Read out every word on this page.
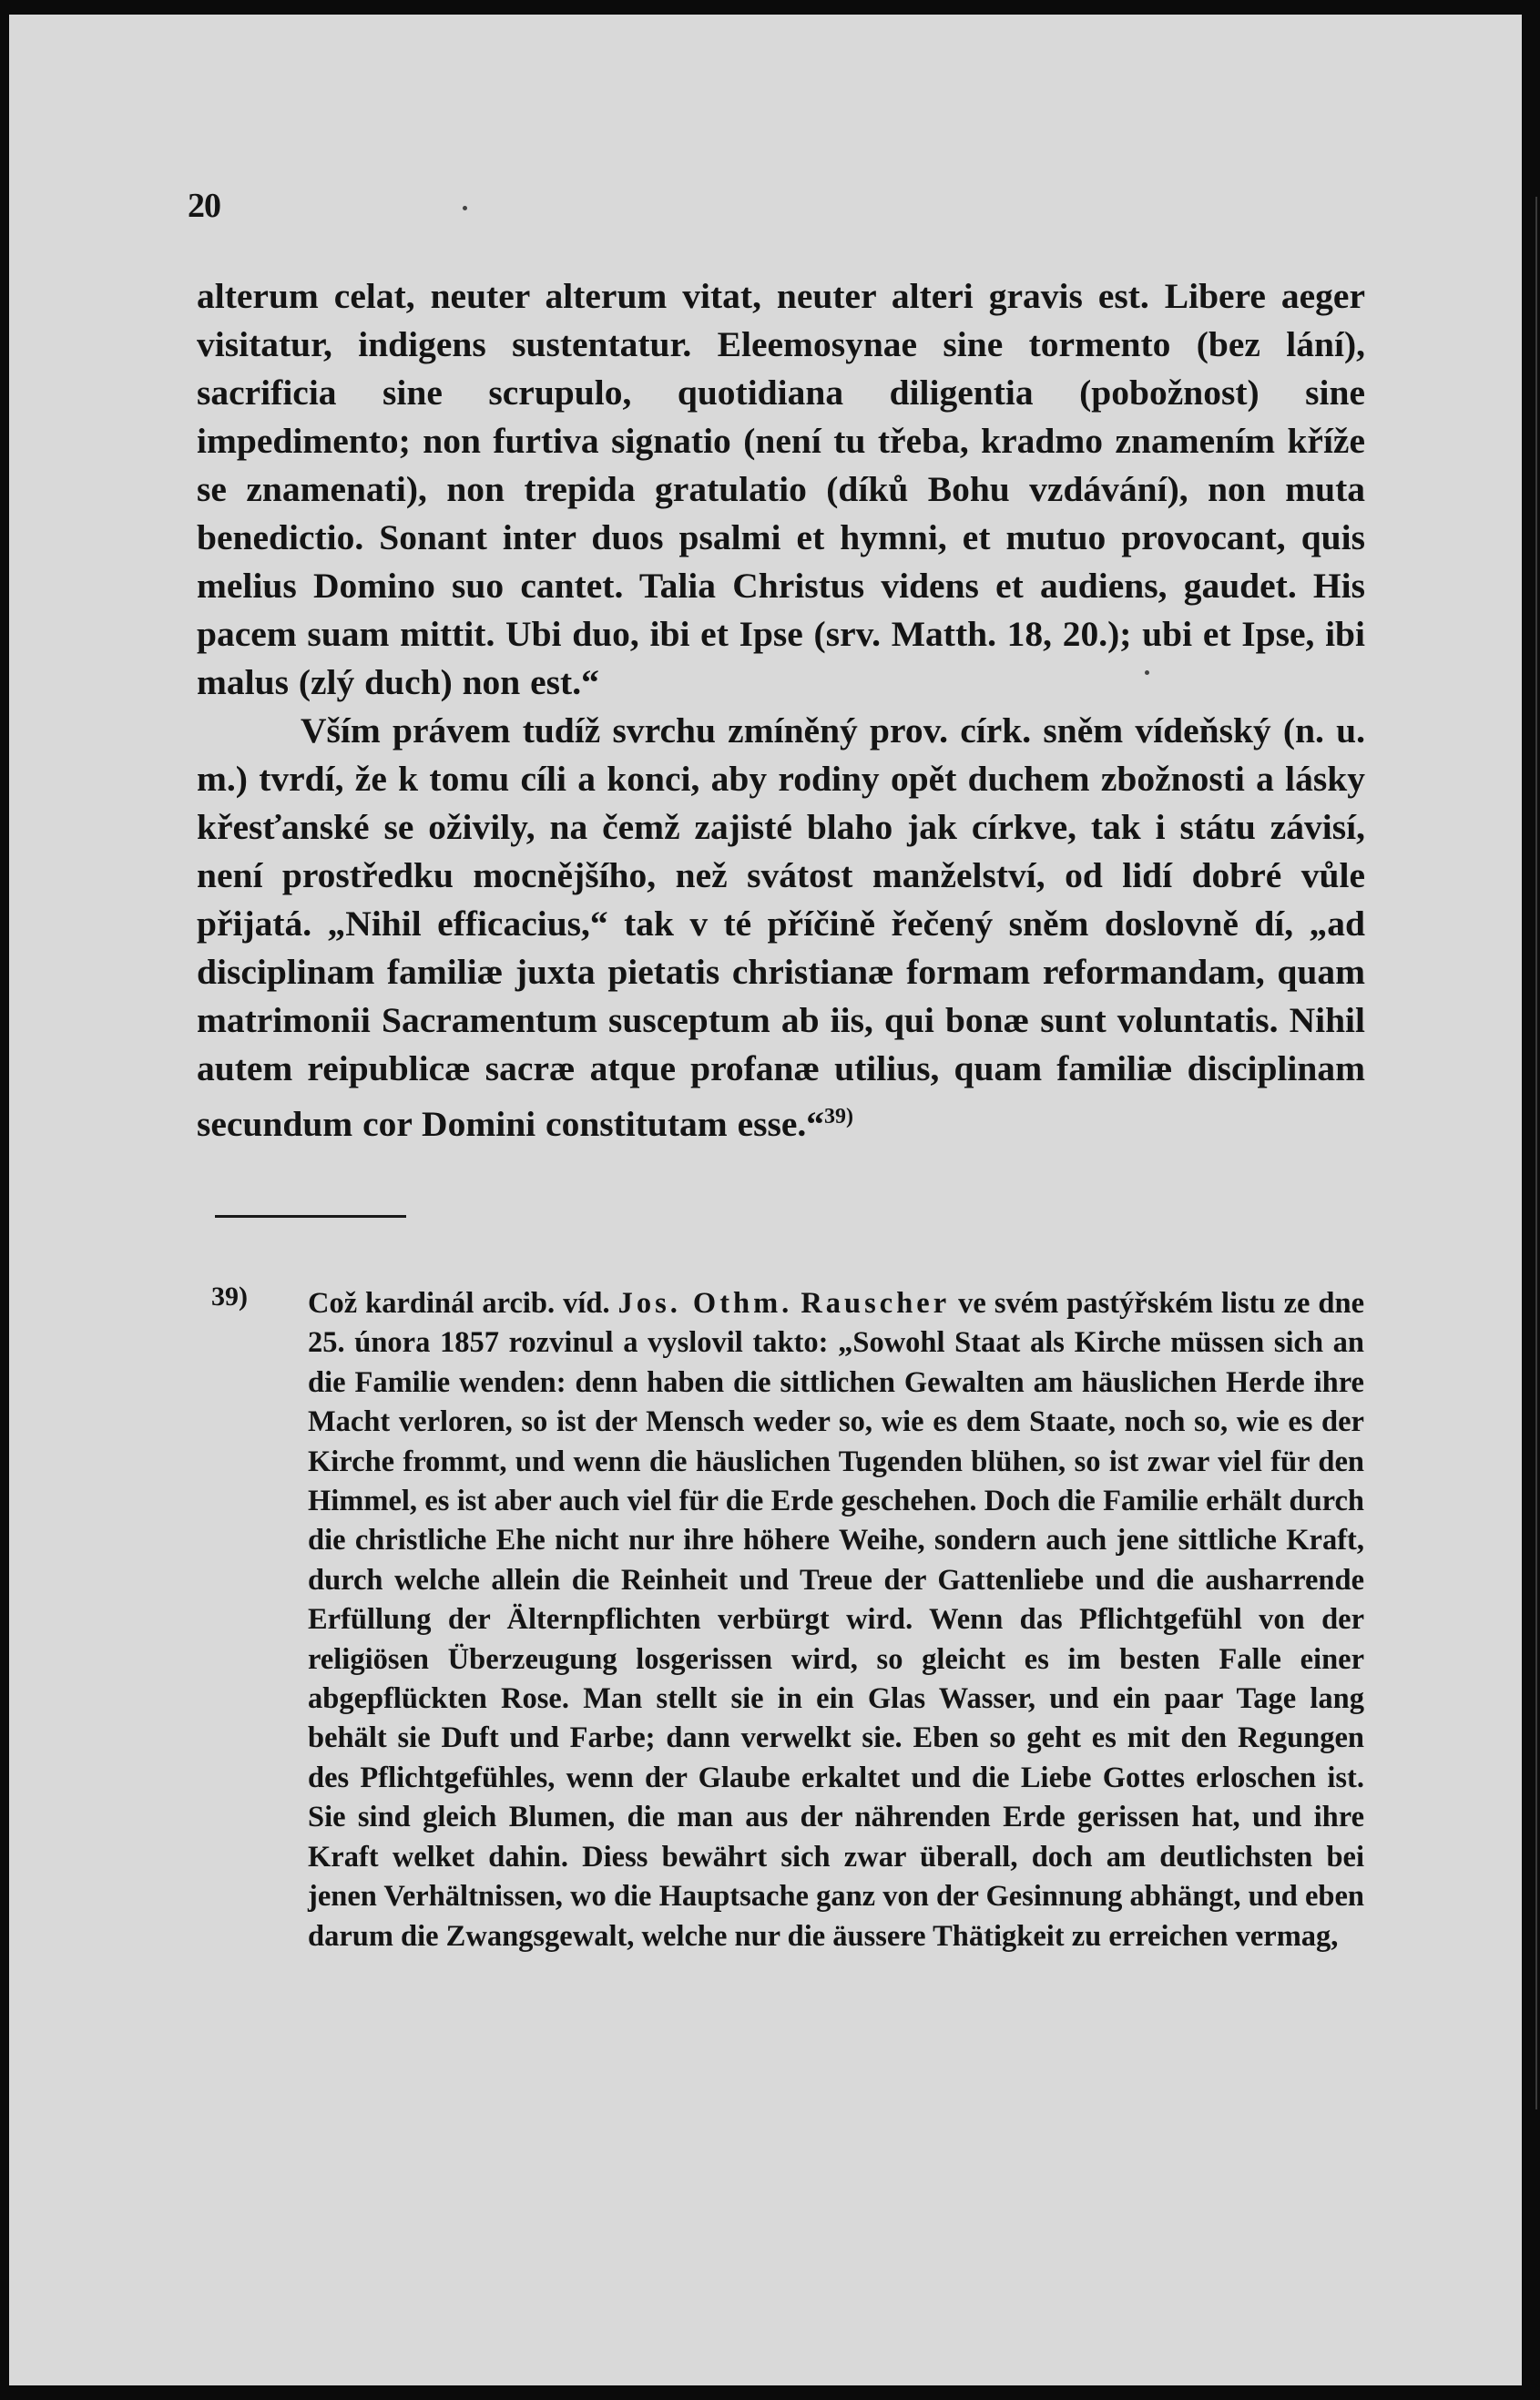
20

alterum celat, neuter alterum vitat, neuter alteri gravis est. Libere aeger visitatur, indigens sustentatur. Eleemosynae sine tormento (bez lání), sacrificia sine scrupulo, quotidiana diligentia (pobožnost) sine impedimento; non furtiva signatio (není tu třeba, kradmo znamením kříže se znamenati), non trepida gratulatio (díků Bohu vzdávání), non muta benedictio. Sonant inter duos psalmi et hymni, et mutuo provocant, quis melius Domino suo cantet. Talia Christus videns et audiens, gaudet. His pacem suam mittit. Ubi duo, ibi et Ipse (srv. Matth. 18, 20.); ubi et Ipse, ibi malus (zlý duch) non est.“

Vším právem tudíž svrchu zmíněný prov. círk. sněm vídeňský (n. u. m.) tvrdí, že k tomu cíli a konci, aby rodiny opět duchem zbožnosti a lásky křesťanské se oživily, na čemž zajisté blaho jak církve, tak i státu závisí, není prostředku mocnějšího, než svátost manželství, od lidí dobré vůle přijatá. „Nihil efficacius,“ tak v té příčině řečený sněm doslovně dí, „ad disciplinam familiæ juxta pietatis christianæ formam reformandam, quam matrimonii Sacramentum susceptum ab iis, qui bonæ sunt voluntatis. Nihil autem reipublicæ sacræ atque profanæ utilius, quam familiæ disciplinam secundum cor Domini constitutam esse.“$^{39)}$

39) Což kardinál arcib. víd. Jos. Othm. Rauscher ve svém pastýřském listu ze dne 25. února 1857 rozvinul a vyslovil takto: „Sowohl Staat als Kirche müssen sich an die Familie wenden: denn haben die sittlichen Gewalten am häuslichen Herde ihre Macht verloren, so ist der Mensch weder so, wie es dem Staate, noch so, wie es der Kirche frommt, und wenn die häuslichen Tugenden blühen, so ist zwar viel für den Himmel, es ist aber auch viel für die Erde geschehen. Doch die Familie erhält durch die christliche Ehe nicht nur ihre höhere Weihe, sondern auch jene sittliche Kraft, durch welche allein die Reinheit und Treue der Gattenliebe und die ausharrende Erfüllung der Älternpflichten verbürgt wird. Wenn das Pflichtgefühl von der religiösen Überzeugung losgerissen wird, so gleicht es im besten Falle einer abgepflückten Rose. Man stellt sie in ein Glas Wasser, und ein paar Tage lang behält sie Duft und Farbe; dann verwelkt sie. Eben so geht es mit den Regungen des Pflichtgefühles, wenn der Glaube erkaltet und die Liebe Gottes erloschen ist. Sie sind gleich Blumen, die man aus der nährenden Erde gerissen hat, und ihre Kraft welket dahin. Diess bewährt sich zwar überall, doch am deutlichsten bei jenen Verhältnissen, wo die Hauptsache ganz von der Gesinnung abhängt, und eben darum die Zwangsgewalt, welche nur die äussere Thätigkeit zu erreichen vermag,
